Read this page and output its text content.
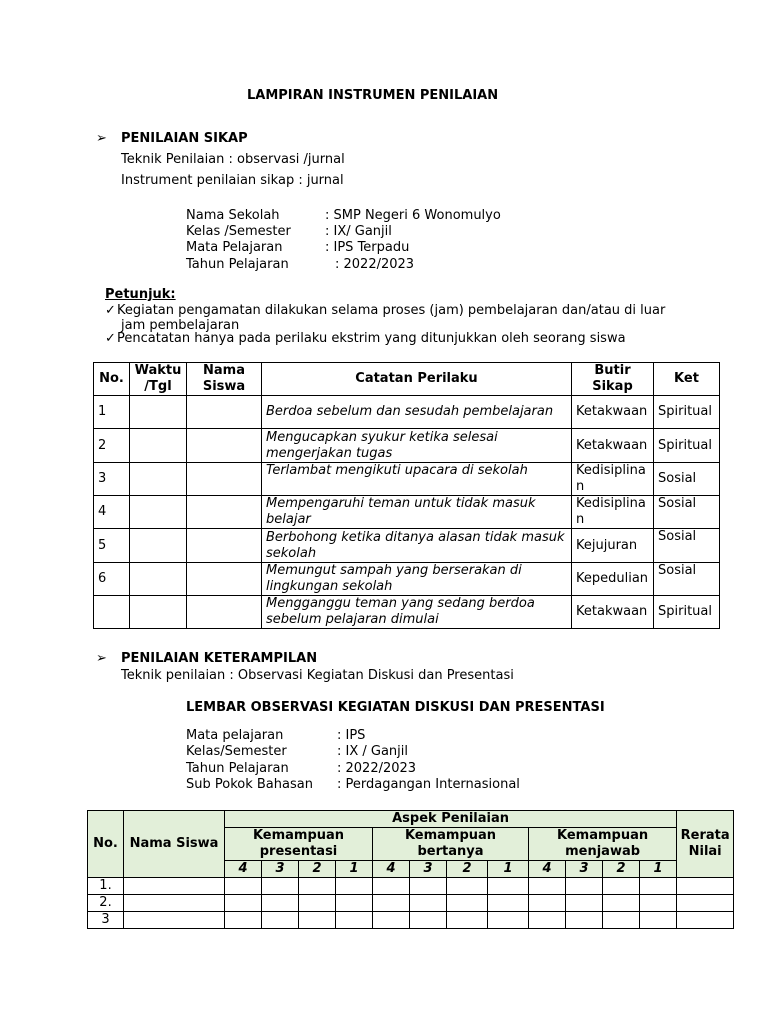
LAMPIRAN INSTRUMEN PENILAIAN
➢ PENILAIAN SIKAP
Teknik Penilaian : observasi /jurnal
Instrument penilaian sikap : jurnal
Nama Sekolah	: SMP Negeri 6 Wonomulyo
Kelas /Semester	: IX/ Ganjil
Mata Pelajaran	: IPS Terpadu
Tahun Pelajaran	: 2022/2023
Petunjuk:
✓ Kegiatan pengamatan dilakukan selama proses (jam) pembelajaran dan/atau di luar
jam pembelajaran
✓ Pencatatan hanya pada perilaku ekstrim yang ditunjukkan oleh seorang siswa
No.	Waktu /Tgl	Nama Siswa	Catatan Perilaku	Butir Sikap	Ket
1			Berdoa sebelum dan sesudah pembelajaran	Ketakwaan	Spiritual
2			Mengucapkan syukur ketika selesai mengerjakan tugas	Ketakwaan	Spiritual
3			Terlambat mengikuti upacara di sekolah	Kedisiplinan	Sosial
4			Mempengaruhi teman untuk tidak masuk belajar	Kedisiplinan	Sosial
5			Berbohong ketika ditanya alasan tidak masuk sekolah	Kejujuran	Sosial
6			Memungut sampah yang berserakan di lingkungan sekolah	Kepedulian	Sosial
			Mengganggu teman yang sedang berdoa sebelum pelajaran dimulai	Ketakwaan	Spiritual
➢ PENILAIAN KETERAMPILAN
Teknik penilaian : Observasi Kegiatan Diskusi dan Presentasi
LEMBAR OBSERVASI KEGIATAN DISKUSI DAN PRESENTASI
Mata pelajaran	: IPS
Kelas/Semester	: IX / Ganjil
Tahun Pelajaran	: 2022/2023
Sub Pokok Bahasan : Perdagangan Internasional
No.	Nama Siswa	Aspek Penilaian												Rerata Nilai
		Kemampuan presentasi				Kemampuan bertanya				Kemampuan menjawab				
		4	3	2	1	4	3	2	1	4	3	2	1	
1.														
2.														
3														
